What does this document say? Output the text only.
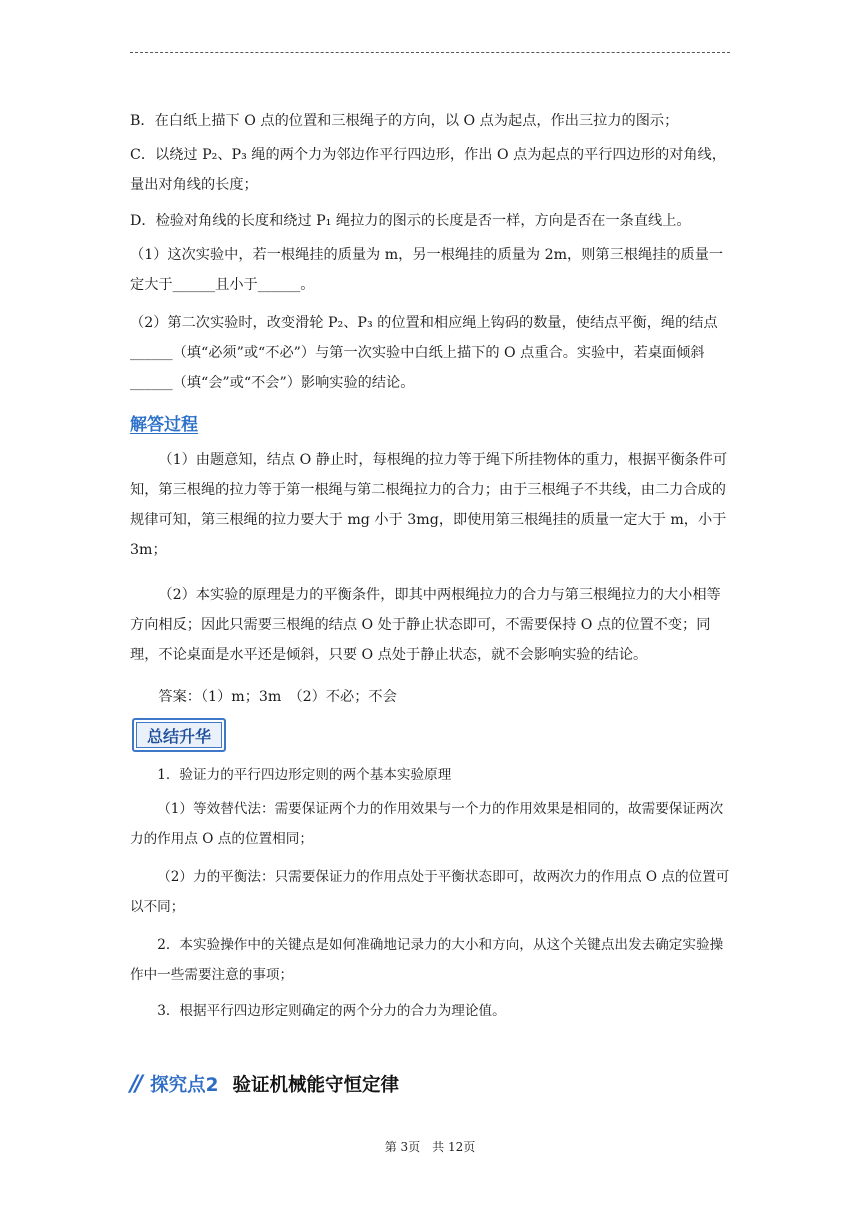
B．在白纸上描下 O 点的位置和三根绳子的方向，以 O 点为起点，作出三拉力的图示；

C．以绕过 P₂、P₃ 绳的两个力为邻边作平行四边形，作出 O 点为起点的平行四边形的对角线，量出对角线的长度；

D．检验对角线的长度和绕过 P₁ 绳拉力的图示的长度是否一样，方向是否在一条直线上。

（1）这次实验中，若一根绳挂的质量为 m，另一根绳挂的质量为 2m，则第三根绳挂的质量一定大于______且小于______。

（2）第二次实验时，改变滑轮 P₂、P₃ 的位置和相应绳上钩码的数量，使结点平衡，绳的结点______（填“必须”或“不必”）与第一次实验中白纸上描下的 O 点重合。实验中，若桌面倾斜______（填“会”或“不会”）影响实验的结论。

解答过程

（1）由题意知，结点 O 静止时，每根绳的拉力等于绳下所挂物体的重力，根据平衡条件可知，第三根绳的拉力等于第一根绳与第二根绳拉力的合力；由于三根绳子不共线，由二力合成的规律可知，第三根绳的拉力要大于 mg 小于 3mg，即使用第三根绳挂的质量一定大于 m，小于 3m；

（2）本实验的原理是力的平衡条件，即其中两根绳拉力的合力与第三根绳拉力的大小相等方向相反；因此只需要三根绳的结点 O 处于静止状态即可，不需要保持 O 点的位置不变；同理，不论桌面是水平还是倾斜，只要 O 点处于静止状态，就不会影响实验的结论。

答案：（1）m；3m　（2）不必；不会

总结升华

1．验证力的平行四边形定则的两个基本实验原理

（1）等效替代法：需要保证两个力的作用效果与一个力的作用效果是相同的，故需要保证两次力的作用点 O 点的位置相同；

（2）力的平衡法：只需要保证力的作用点处于平衡状态即可，故两次力的作用点 O 点的位置可以不同；

2．本实验操作中的关键点是如何准确地记录力的大小和方向，从这个关键点出发去确定实验操作中一些需要注意的事项；

3．根据平行四边形定则确定的两个分力的合力为理论值。

// 探究点2 验证机械能守恒定律
第 3页　共 12页
